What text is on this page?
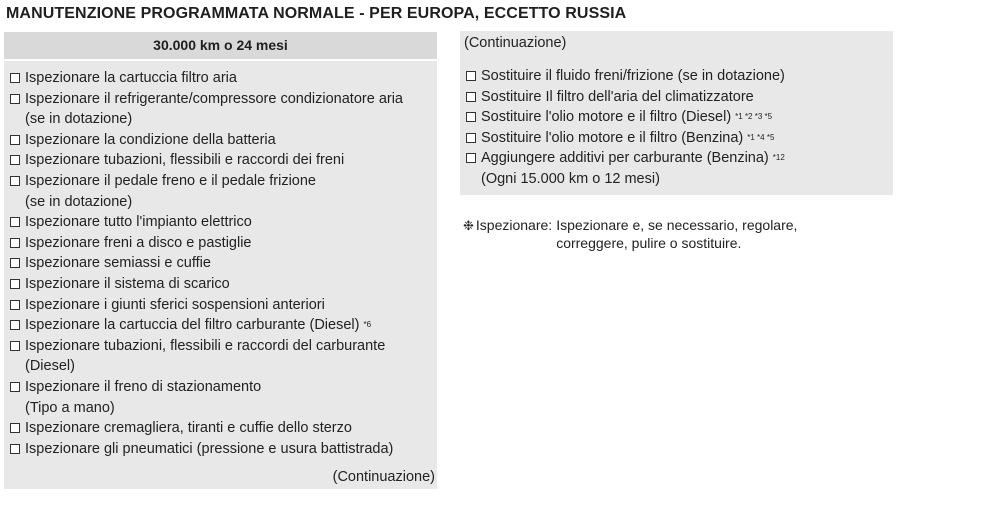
MANUTENZIONE PROGRAMMATA NORMALE - PER EUROPA, ECCETTO RUSSIA
30.000 km o 24 mesi
Ispezionare la cartuccia filtro aria
Ispezionare il refrigerante/compressore condizionatore aria
(se in dotazione)
Ispezionare la condizione della batteria
Ispezionare tubazioni, flessibili e raccordi dei freni
Ispezionare il pedale freno e il pedale frizione
(se in dotazione)
Ispezionare tutto l'impianto elettrico
Ispezionare freni a disco e pastiglie
Ispezionare semiassi e cuffie
Ispezionare il sistema di scarico
Ispezionare i giunti sferici sospensioni anteriori
Ispezionare la cartuccia del filtro carburante (Diesel) *6
Ispezionare tubazioni, flessibili e raccordi del carburante
(Diesel)
Ispezionare il freno di stazionamento
(Tipo a mano)
Ispezionare cremagliera, tiranti e cuffie dello sterzo
Ispezionare gli pneumatici (pressione e usura battistrada)
(Continuazione)
(Continuazione)
Sostituire il fluido freni/frizione (se in dotazione)
Sostituire Il filtro dell'aria del climatizzatore
Sostituire l'olio motore e il filtro (Diesel) *1 *2 *3 *5
Sostituire l'olio motore e il filtro (Benzina) *1 *4 *5
Aggiungere additivi per carburante (Benzina) *12
(Ogni 15.000 km o 12 mesi)
❉ Ispezionare: Ispezionare e, se necessario, regolare,
correggere, pulire o sostituire.
